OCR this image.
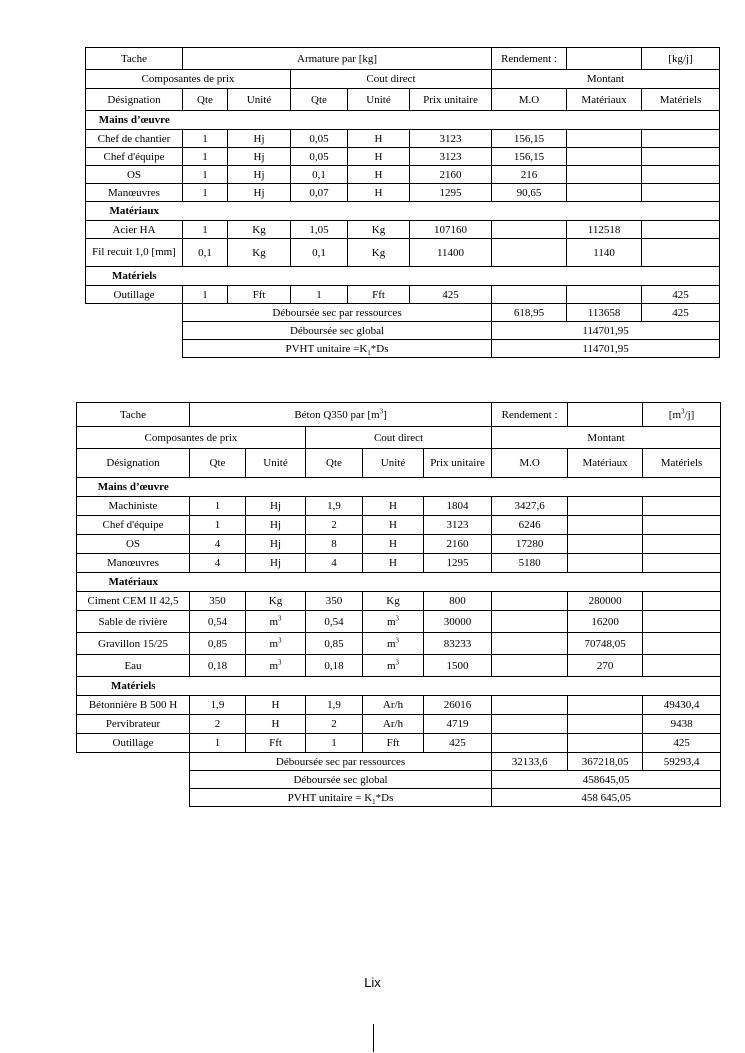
Tache	Armature par [kg]					Rendement :		[kg/j]
Composantes de prix			Cout direct			Montant		
Désignation	Qte	Unité	Qte	Unité	Prix unitaire	M.O	Matériaux	Matériels
Mains d’œuvre								
Chef de chantier	1	Hj	0,05	H	3123	156,15		
Chef d'équipe	1	Hj	0,05	H	3123	156,15		
OS	1	Hj	0,1	H	2160	216		
Manœuvres	1	Hj	0,07	H	1295	90,65		
Matériaux								
Acier HA	1	Kg	1,05	Kg	107160		112518	
Fil recuit 1,0 [mm]	0,1	Kg	0,1	Kg	11400		1140	
Matériels								
Outillage	1	Fft	1	Fft	425			425
	Déboursée sec par ressources					618,95	113658	425
	Déboursée sec global					114701,95		
	PVHT unitaire $=K_1*Ds$					114701,95		
Tache	Béton Q350 par $[m^3]$					Rendement :		$[m^3/j]$
Composantes de prix			Cout direct			Montant		
Désignation	Qte	Unité	Qte	Unité	Prix unitaire	M.O	Matériaux	Matériels
Mains d’œuvre								
Machiniste	1	Hj	1,9	H	1804	3427,6		
Chef d'équipe	1	Hj	2	H	3123	6246		
OS	4	Hj	8	H	2160	17280		
Manœuvres	4	Hj	4	H	1295	5180		
Matériaux								
Ciment CEM II 42,5	350	Kg	350	Kg	800		280000	
Sable de rivière	0,54	$m^3$	0,54	$m^3$	30000		16200	
Gravillon 15/25	0,85	$m^3$	0,85	$m^3$	83233		70748,05	
Eau	0,18	$m^3$	0,18	$m^3$	1500		270	
Matériels								
Bétonnière B 500 H	1,9	H	1,9	Ar/h	26016			49430,4
Pervibrateur	2	H	2	Ar/h	4719			9438
Outillage	1	Fft	1	Fft	425			425
	Déboursée sec par ressources					32133,6	367218,05	59293,4
	Déboursée sec global					458645,05		
	PVHT unitaire = $K_1*Ds$					458 645,05		
Lix
